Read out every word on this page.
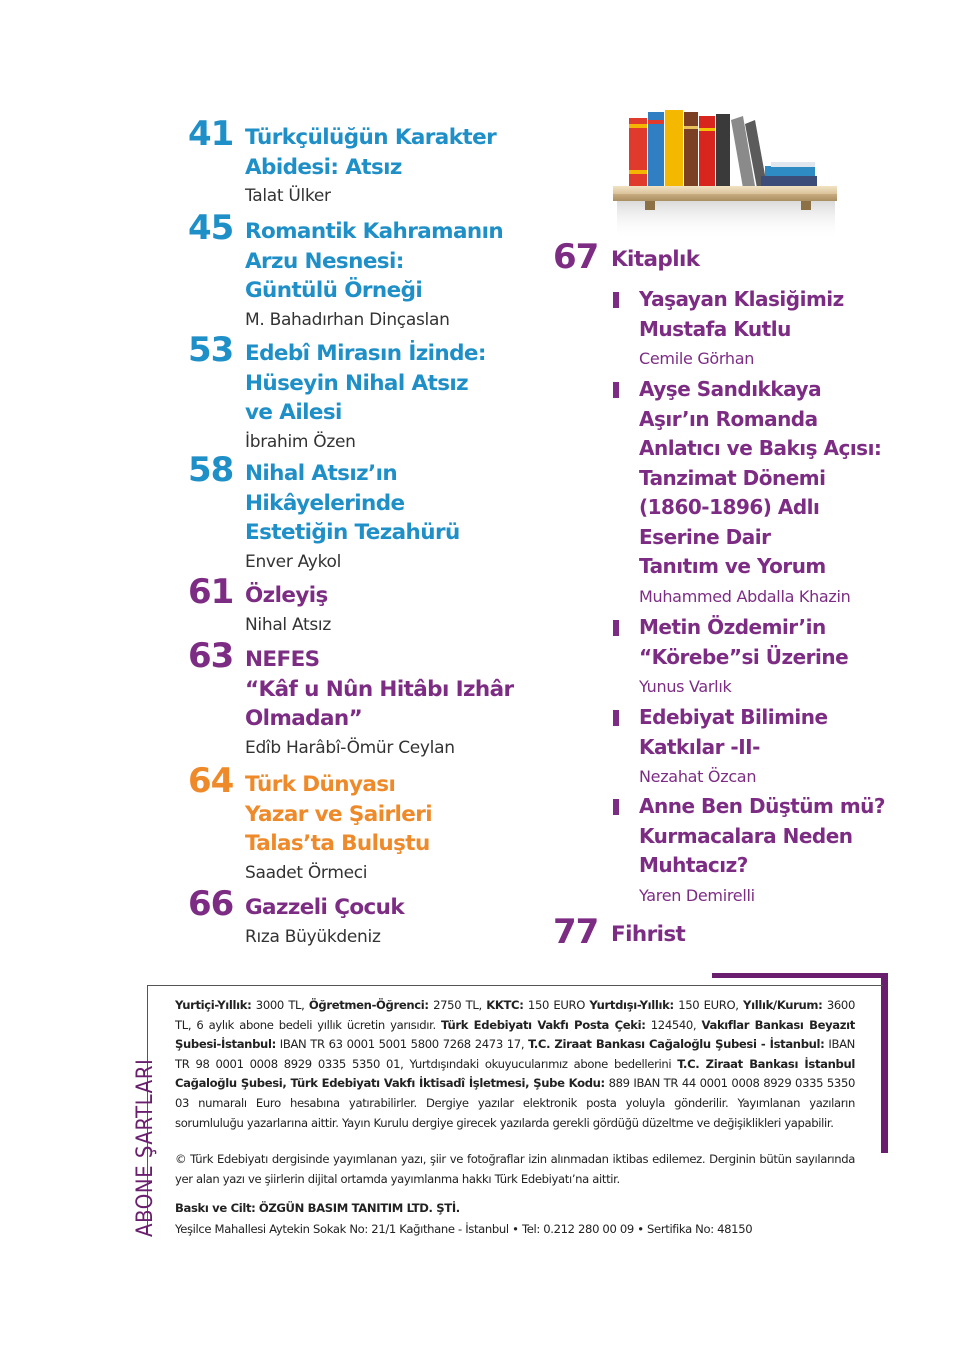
41 Türkçülüğün Karakter
Abidesi: Atsız
Talat Ülker
45 Romantik Kahramanın
Arzu Nesnesi:
Güntülü Örneği
M. Bahadırhan Dinçaslan
53 Edebî Mirasın İzinde:
Hüseyin Nihal Atsız
ve Ailesi
İbrahim Özen
58 Nihal Atsız’ın
Hikâyelerinde
Estetiğin Tezahürü
Enver Aykol
61 Özleyiş
Nihal Atsız
63 NEFES
“Kâf u Nûn Hitâbı Izhâr
Olmadan”
Edîb Harâbî-Ömür Ceylan
64 Türk Dünyası
Yazar ve Şairleri
Talas’ta Buluştu
Saadet Örmeci
66 Gazzeli Çocuk
Rıza Büyükdeniz
67 Kitaplık
Yaşayan Klasiğimiz
Mustafa Kutlu
Cemile Görhan
Ayşe Sandıkkaya
Aşır’ın Romanda
Anlatıcı ve Bakış Açısı:
Tanzimat Dönemi
(1860-1896) Adlı
Eserine Dair
Tanıtım ve Yorum
Muhammed Abdalla Khazin
Metin Özdemir’in
“Körebe”si Üzerine
Yunus Varlık
Edebiyat Bilimine
Katkılar -II-
Nezahat Özcan
Anne Ben Düştüm mü?
Kurmacalara Neden
Muhtacız?
Yaren Demirelli
77 Fihrist
ABONE ŞARTLARI
Yurtiçi-Yıllık: 3000 TL, Öğretmen-Öğrenci: 2750 TL, KKTC: 150 EURO Yurtdışı-Yıllık: 150 EURO, Yıllık/Kurum: 3600 TL, 6 aylık abone bedeli yıllık ücretin yarısıdır. Türk Edebiyatı Vakfı Posta Çeki: 124540, Vakıflar Bankası Beyazıt Şubesi-İstanbul: IBAN TR 63 0001 5001 5800 7268 2473 17, T.C. Ziraat Bankası Cağaloğlu Şubesi - İstanbul: IBAN TR 98 0001 0008 8929 0335 5350 01, Yurtdışındaki okuyucularımız abone bedellerini T.C. Ziraat Bankası İstanbul Cağaloğlu Şubesi, Türk Edebiyatı Vakfı İktisadî İşletmesi, Şube Kodu: 889 IBAN TR 44 0001 0008 8929 0335 5350 03 numaralı Euro hesabına yatırabilirler. Dergiye yazılar elektronik posta yoluyla gönderilir. Yayımlanan yazıların sorumluluğu yazarlarına aittir. Yayın Kurulu dergiye girecek yazılarda gerekli gördüğü düzeltme ve değişiklikleri yapabilir.
© Türk Edebiyatı dergisinde yayımlanan yazı, şiir ve fotoğraflar izin alınmadan iktibas edilemez. Derginin bütün sayılarında yer alan yazı ve şiirlerin dijital ortamda yayımlanma hakkı Türk Edebiyatı’na aittir.
Baskı ve Cilt: ÖZGÜN BASIM TANITIM LTD. ŞTİ.
Yeşilce Mahallesi Aytekin Sokak No: 21/1 Kağıthane - İstanbul • Tel: 0.212 280 00 09 • Sertifika No: 48150
